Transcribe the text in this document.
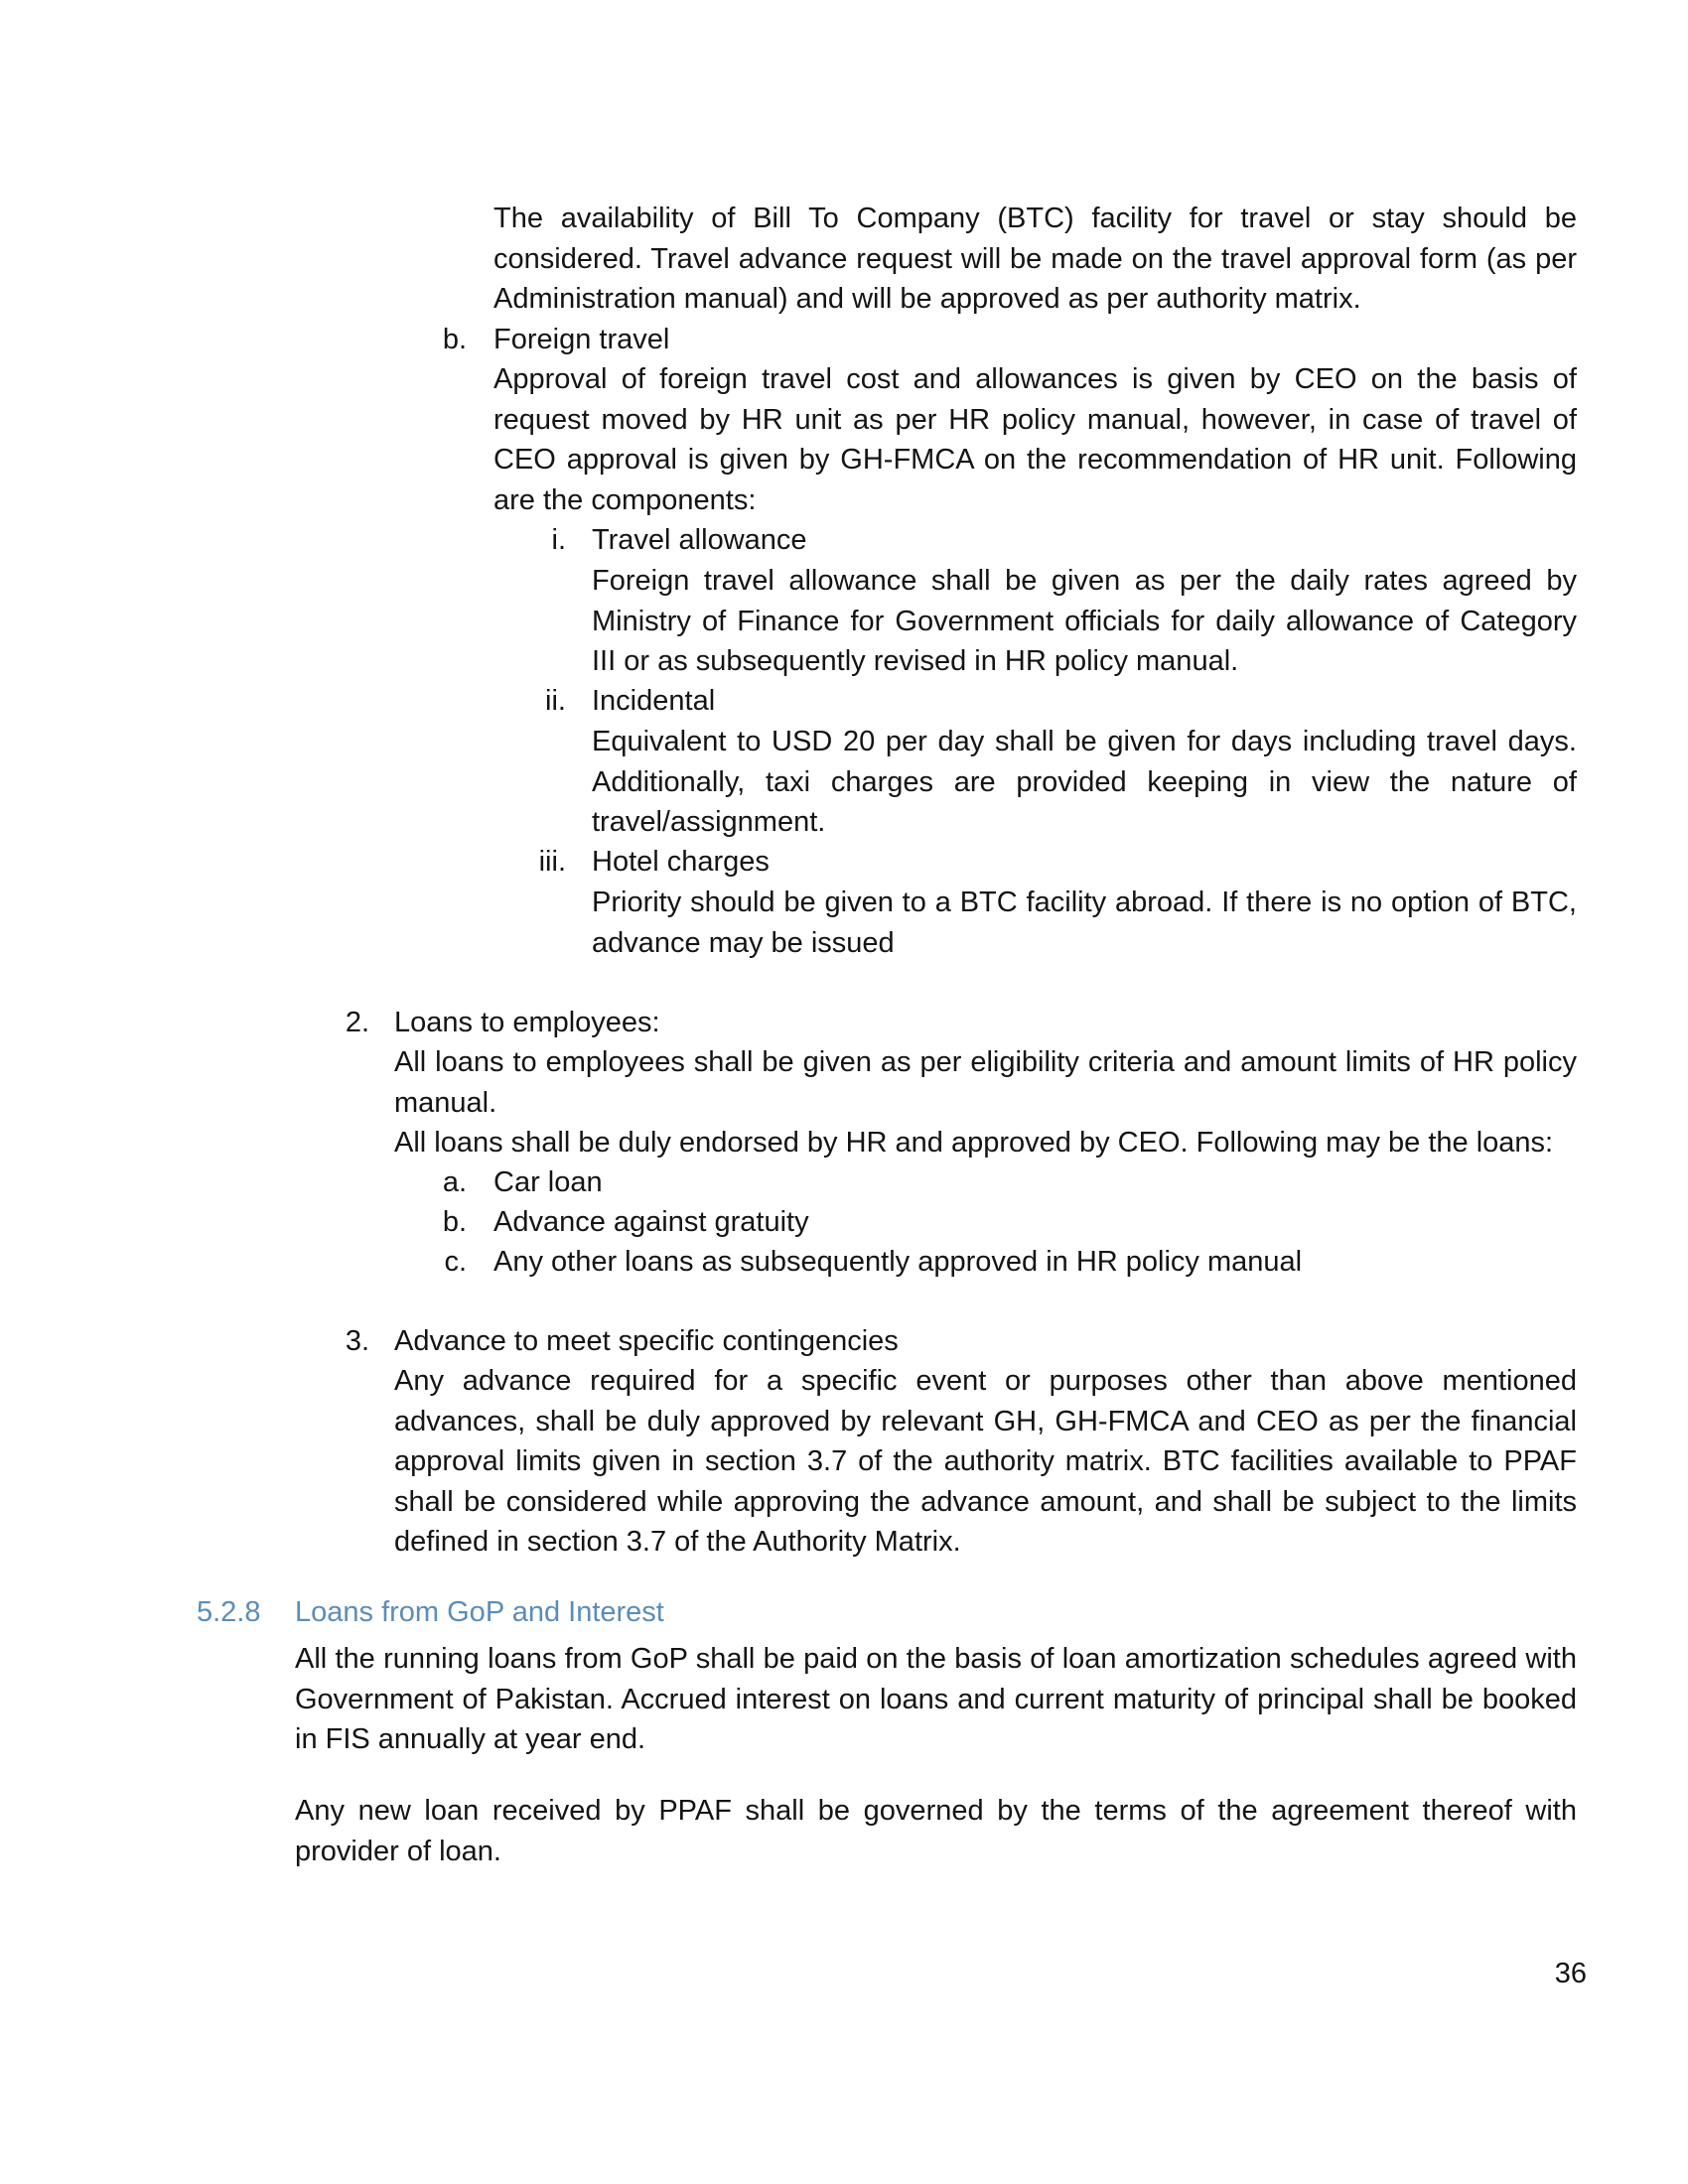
The availability of Bill To Company (BTC) facility for travel or stay should be considered. Travel advance request will be made on the travel approval form (as per Administration manual) and will be approved as per authority matrix.
b. Foreign travel
Approval of foreign travel cost and allowances is given by CEO on the basis of request moved by HR unit as per HR policy manual, however, in case of travel of CEO approval is given by GH-FMCA on the recommendation of HR unit. Following are the components:
i. Travel allowance
Foreign travel allowance shall be given as per the daily rates agreed by Ministry of Finance for Government officials for daily allowance of Category III or as subsequently revised in HR policy manual.
ii. Incidental
Equivalent to USD 20 per day shall be given for days including travel days. Additionally, taxi charges are provided keeping in view the nature of travel/assignment.
iii. Hotel charges
Priority should be given to a BTC facility abroad. If there is no option of BTC, advance may be issued
2. Loans to employees:
All loans to employees shall be given as per eligibility criteria and amount limits of HR policy manual.
All loans shall be duly endorsed by HR and approved by CEO. Following may be the loans:
a. Car loan
b. Advance against gratuity
c. Any other loans as subsequently approved in HR policy manual
3. Advance to meet specific contingencies
Any advance required for a specific event or purposes other than above mentioned advances, shall be duly approved by relevant GH, GH-FMCA and CEO as per the financial approval limits given in section 3.7 of the authority matrix. BTC facilities available to PPAF shall be considered while approving the advance amount, and shall be subject to the limits defined in section 3.7 of the Authority Matrix.
5.2.8 Loans from GoP and Interest
All the running loans from GoP shall be paid on the basis of loan amortization schedules agreed with Government of Pakistan. Accrued interest on loans and current maturity of principal shall be booked in FIS annually at year end.
Any new loan received by PPAF shall be governed by the terms of the agreement thereof with provider of loan.
36
